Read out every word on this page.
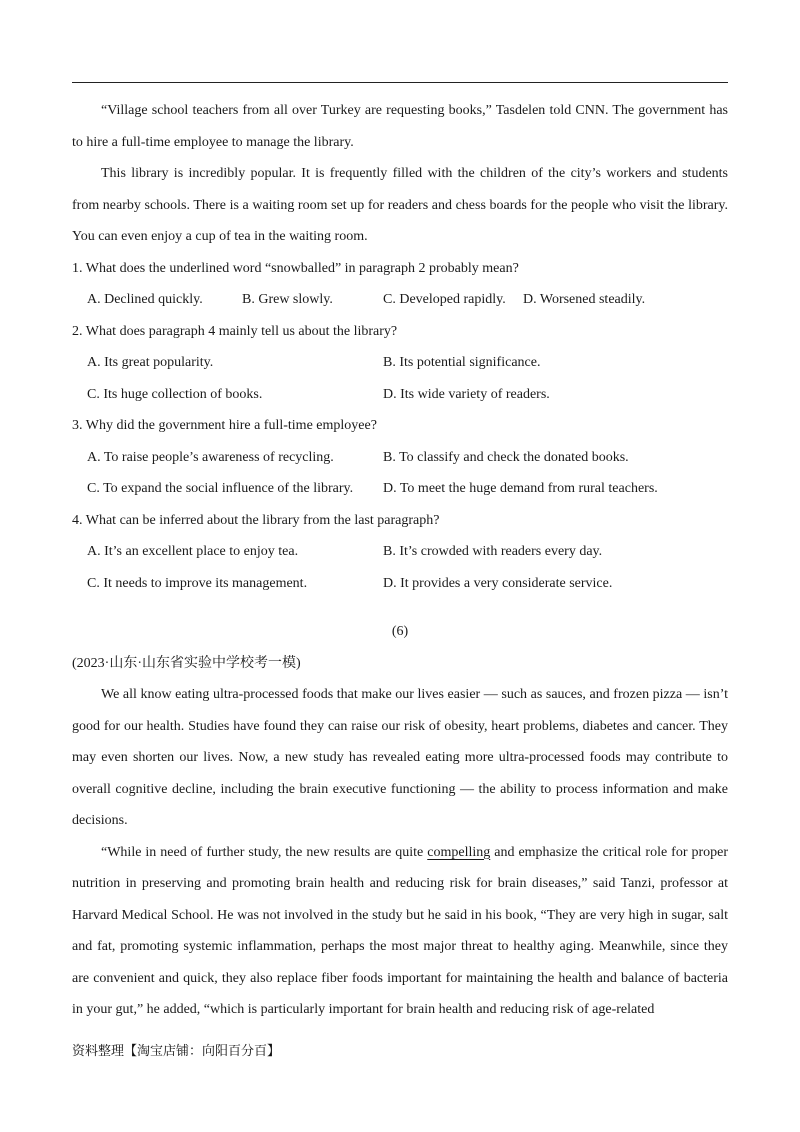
“Village school teachers from all over Turkey are requesting books,” Tasdelen told CNN. The government has to hire a full-time employee to manage the library.

This library is incredibly popular. It is frequently filled with the children of the city’s workers and students from nearby schools. There is a waiting room set up for readers and chess boards for the people who visit the library. You can even enjoy a cup of tea in the waiting room.

1. What does the underlined word “snowballed” in paragraph 2 probably mean?

A. Declined quickly.	B. Grew slowly.	C. Developed rapidly.	D. Worsened steadily.

2. What does paragraph 4 mainly tell us about the library?

A. Its great popularity.	B. Its potential significance.
C. Its huge collection of books.	D. Its wide variety of readers.

3. Why did the government hire a full-time employee?

A. To raise people’s awareness of recycling.	B. To classify and check the donated books.
C. To expand the social influence of the library.	D. To meet the huge demand from rural teachers.

4. What can be inferred about the library from the last paragraph?

A. It’s an excellent place to enjoy tea.	B. It’s crowded with readers every day.
C. It needs to improve its management.	D. It provides a very considerate service.

(6)

(2023·山东·山东省实验中学校考一模)

We all know eating ultra-processed foods that make our lives easier — such as sauces, and frozen pizza — isn’t good for our health. Studies have found they can raise our risk of obesity, heart problems, diabetes and cancer. They may even shorten our lives. Now, a new study has revealed eating more ultra-processed foods may contribute to overall cognitive decline, including the brain executive functioning — the ability to process information and make decisions.

“While in need of further study, the new results are quite compelling and emphasize the critical role for proper nutrition in preserving and promoting brain health and reducing risk for brain diseases,” said Tanzi, professor at Harvard Medical School. He was not involved in the study but he said in his book, “They are very high in sugar, salt and fat, promoting systemic inflammation, perhaps the most major threat to healthy aging. Meanwhile, since they are convenient and quick, they also replace fiber foods important for maintaining the health and balance of bacteria in your gut,” he added, “which is particularly important for brain health and reducing risk of age-related

资料整理【淘宝店铺：向阳百分百】
